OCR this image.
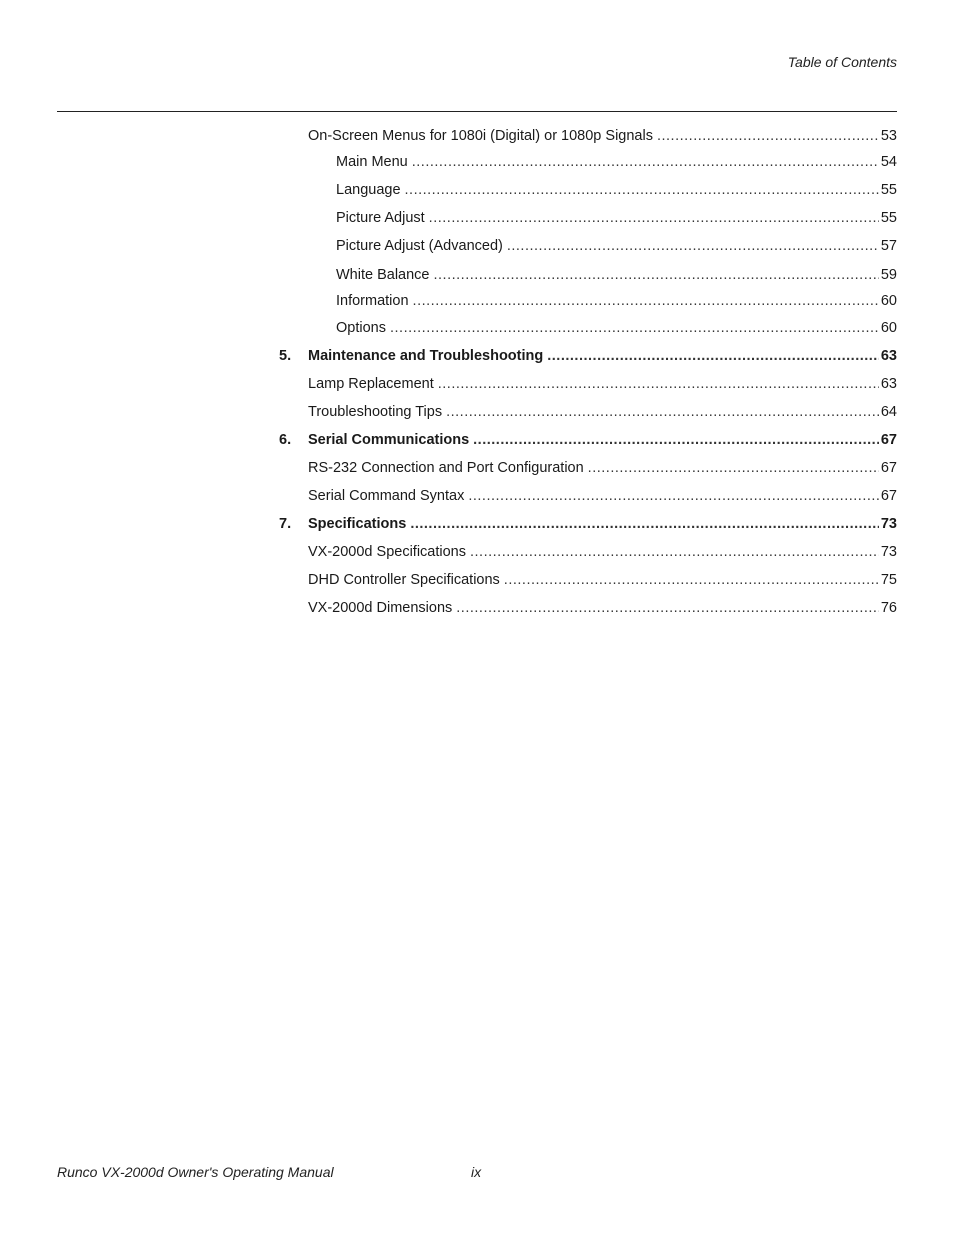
Table of Contents
On-Screen Menus for 1080i (Digital) or 1080p Signals .....	53
Main Menu .....	54
Language .....	55
Picture Adjust .....	55
Picture Adjust (Advanced) .....	57
White Balance .....	59
Information .....	60
Options .....	60
5. Maintenance and Troubleshooting .....	63
Lamp Replacement .....	63
Troubleshooting Tips .....	64
6. Serial Communications .....	67
RS-232 Connection and Port Configuration .....	67
Serial Command Syntax .....	67
7. Specifications .....	73
VX-2000d Specifications .....	73
DHD Controller Specifications .....	75
VX-2000d Dimensions .....	76
Runco VX-2000d Owner's Operating Manual	ix
